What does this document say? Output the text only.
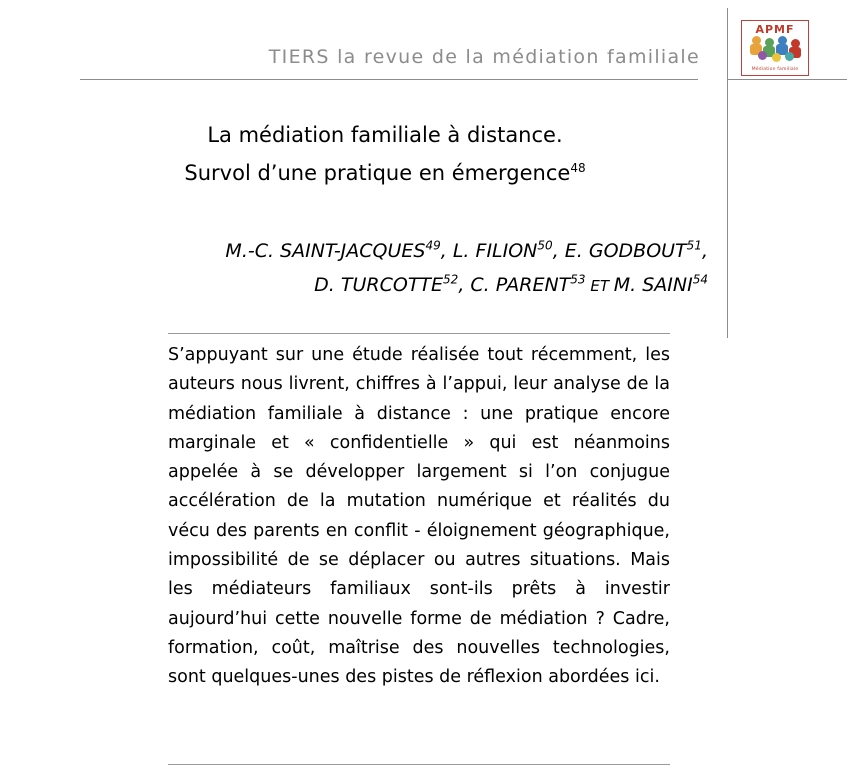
TIERS la revue de la médiation familiale
APMF
Médiation familiale
La médiation familiale à distance.
Survol d’une pratique en émergence$^{48}$
M.-C. SAINT-JACQUES$^{49}$, L. FILION$^{50}$, E. GODBOUT$^{51}$,
D. TURCOTTE$^{52}$, C. PARENT$^{53}$ ET M. SAINI$^{54}$
S’appuyant sur une étude réalisée tout récemment, les auteurs nous livrent, chiffres à l’appui, leur analyse de la médiation familiale à distance : une pratique encore marginale et « confidentielle » qui est néanmoins appelée à se développer largement si l’on conjugue accélération de la mutation numérique et réalités du vécu des parents en conflit - éloignement géographique, impossibilité de se déplacer ou autres situations. Mais les médiateurs familiaux sont-ils prêts à investir aujourd’hui cette nouvelle forme de médiation ? Cadre, formation, coût, maîtrise des nouvelles technologies, sont quelques-unes des pistes de réflexion abordées ici.
